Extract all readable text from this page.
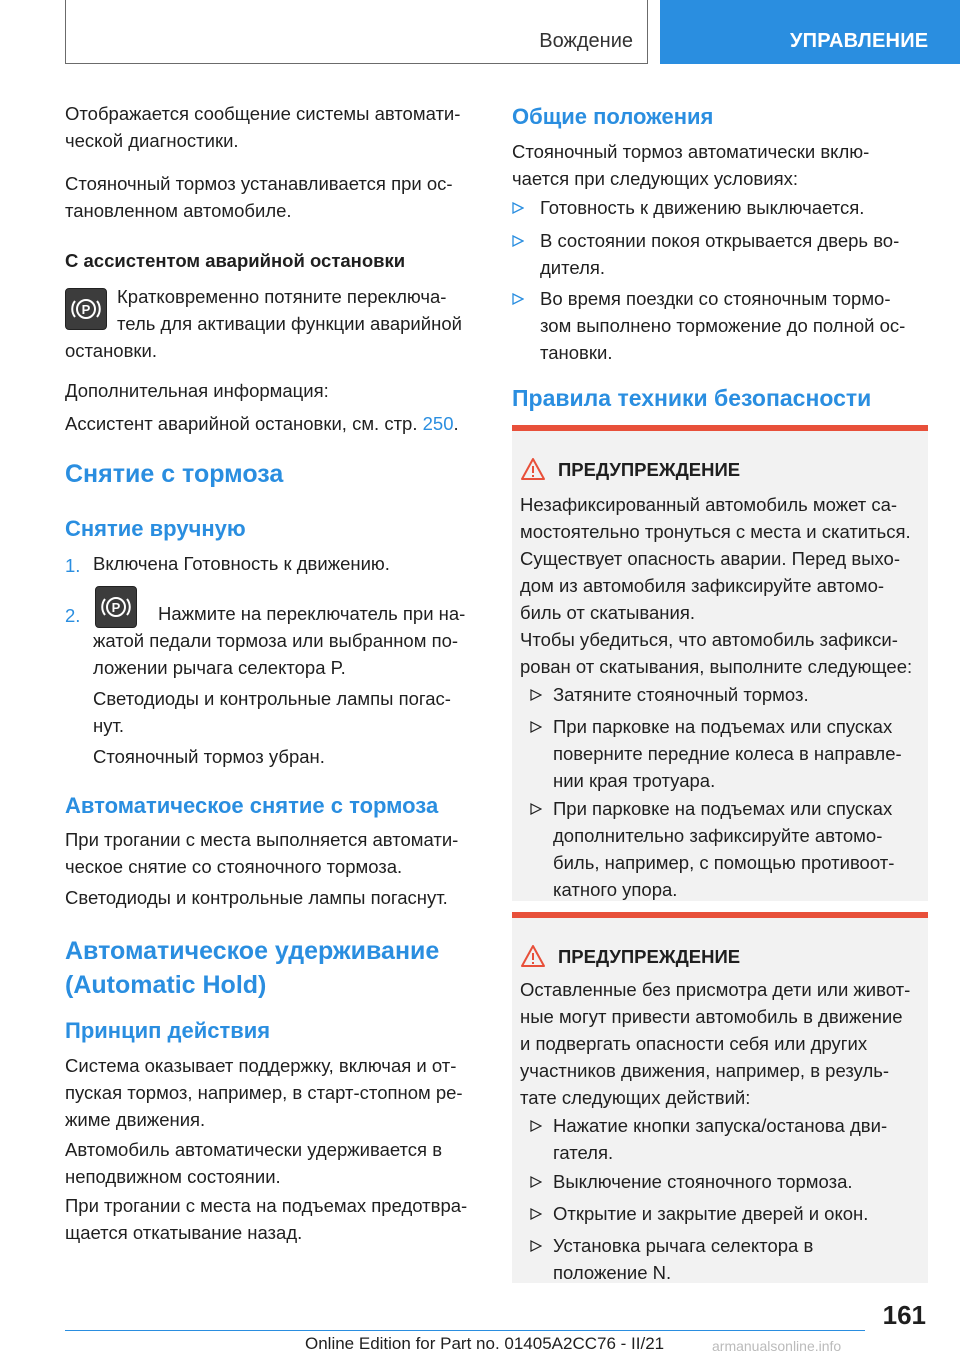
Вождение	УПРАВЛЕНИЕ

Отображается сообщение системы автомати-
ческой диагностики.

Стояночный тормоз устанавливается при ос-
тановленном автомобиле.

С ассистентом аварийной остановки

P

Кратковременно потяните переключа-
тель для активации функции аварийной

остановки.

Дополнительная информация:

Ассистент аварийной остановки, см. стр. 250.

Снятие с тормоза

Снятие вручную

1. Включена Готовность к движению.

2. P Нажмите на переключатель при на-

жатой педали тормоза или выбранном по-
ложении рычага селектора P.

Светодиоды и контрольные лампы погас-
нут.

Стояночный тормоз убран.

Автоматическое снятие с тормоза

При трогании с места выполняется автомати-
ческое снятие со стояночного тормоза.

Светодиоды и контрольные лампы погаснут.

Автоматическое удерживание
(Automatic Hold)

Принцип действия

Система оказывает поддержку, включая и от-
пуская тормоз, например, в старт-стопном ре-
жиме движения.

Автомобиль автоматически удерживается в
неподвижном состоянии.

При трогании с места на подъемах предотвра-
щается откатывание назад.

Общие положения

Стояночный тормоз автоматически вклю-
чается при следующих условиях:

Готовность к движению выключается.

В состоянии покоя открывается дверь во-
дителя.

Во время поездки со стояночным тормо-
зом выполнено торможение до полной ос-
тановки.

Правила техники безопасности

ПРЕДУПРЕЖДЕНИЕ

Незафиксированный автомобиль может са-
мостоятельно тронуться с места и скатиться.
Существует опасность аварии. Перед выхо-
дом из автомобиля зафиксируйте автомо-
биль от скатывания.

Чтобы убедиться, что автомобиль зафикси-
рован от скатывания, выполните следующее:

Затяните стояночный тормоз.

При парковке на подъемах или спусках
поверните передние колеса в направле-
нии края тротуара.

При парковке на подъемах или спусках
дополнительно зафиксируйте автомо-
биль, например, с помощью противоот-
катного упора.

ПРЕДУПРЕЖДЕНИЕ

Оставленные без присмотра дети или живот-
ные могут привести автомобиль в движение
и подвергать опасности себя или других
участников движения, например, в резуль-
тате следующих действий:

Нажатие кнопки запуска/останова дви-
гателя.

Выключение стояночного тормоза.

Открытие и закрытие дверей и окон.

Установка рычага селектора в
положение N.

161
Online Edition for Part no. 01405A2CC76 - II/21	armanualsonline.info
